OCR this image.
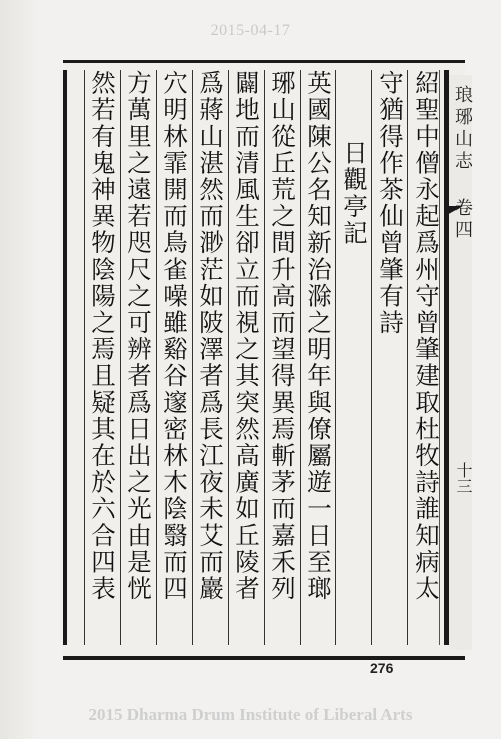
2015-04-17
琅琊山志 卷四
十三
紹聖中僧永起爲州守曾肇建取杜牧詩誰知病太
守猶得作茶仙曾肇有詩
日觀亭記
英國陳公名知新治滁之明年與僚屬遊一日至瑯
琊山從丘荒之間升高而望得異焉斬茅而嘉禾列
闢地而清風生卻立而視之其突然高廣如丘陵者
爲蔣山湛然而渺茫如陂澤者爲長江夜未艾而巖
穴明林霏開而鳥雀噪雖谿谷邃密林木陰翳而四
方萬里之遠若咫尺之可辨者爲日出之光由是恍
然若有鬼神異物陰陽之焉且疑其在於六合四表
276
2015 Dharma Drum Institute of Liberal Arts
